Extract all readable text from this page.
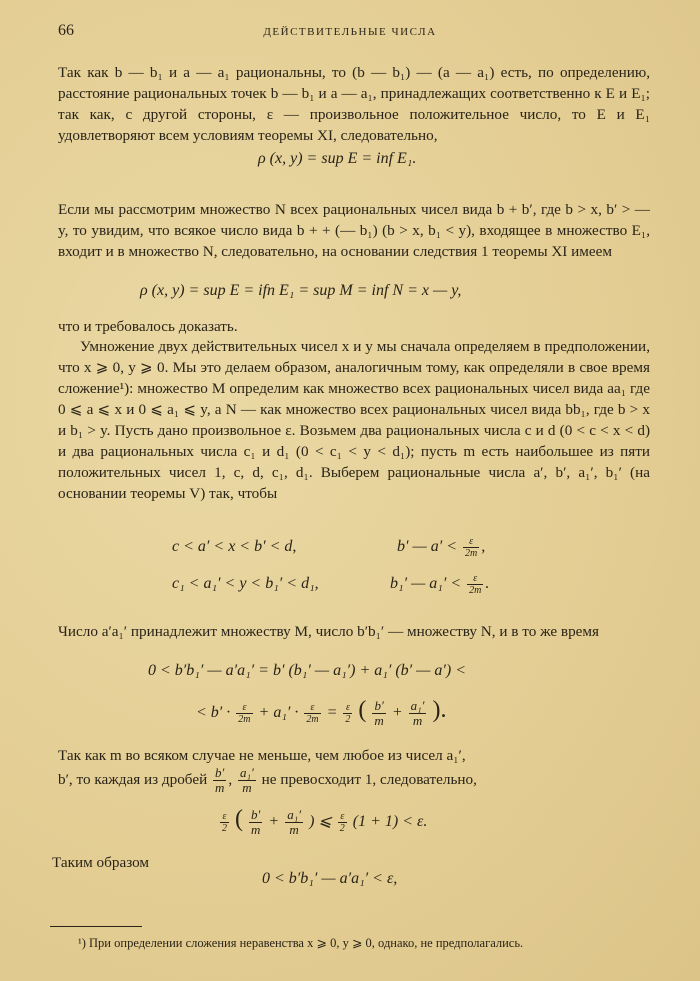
66	ДЕЙСТВИТЕЛЬНЫЕ ЧИСЛА
Так как b — b₁ и a — a₁ рациональны, то (b — b₁) — (a — a₁) есть, по определению, расстояние рациональных точек b — b₁ и a — a₁, принадлежащих соответственно к E и E₁; так как, с другой стороны, ε — произвольное положительное число, то E и E₁ удовлетворяют всем условиям теоремы XI, следовательно,
ρ (x, y) = sup E = inf E₁.
Если мы рассмотрим множество N всех рациональных чисел вида b + b′, где b > x, b′ > — y, то увидим, что всякое число вида b + + (— b₁) (b > x, b₁ < y), входящее в множество E₁, входит и в множество N, следовательно, на основании следствия 1 теоремы XI имеем
ρ (x, y) = sup E = ifn E₁ = sup M = inf N = x — y,
что и требовалось доказать.
Умножение двух действительных чисел x и y мы сначала определяем в предположении, что x ⩾ 0, y ⩾ 0. Мы это делаем образом, аналогичным тому, как определяли в свое время сложение¹): множество M определим как множество всех рациональных чисел вида aa₁ где 0 ⩽ a ⩽ x и 0 ⩽ a₁ ⩽ y, а N — как множество всех рациональных чисел вида bb₁, где b > x и b₁ > y. Пусть дано произвольное ε. Возьмем два рациональных числа c и d (0 < c < x < d) и два рациональных числа c₁ и d₁ (0 < c₁ < y < d₁); пусть m есть наибольшее из пяти положительных чисел 1, c, d, c₁, d₁. Выберем рациональные числа a′, b′, a₁′, b₁′ (на основании теоремы V) так, чтобы
c < a′ < x < b′ < d,	b′ — $a' < \frac{\varepsilon}{2m}$ ,
c₁ < a₁′ < y < b₁′ < d₁,	b₁′ — $a_1' < \frac{\varepsilon}{2m}$ .
Число a′a₁′ принадлежит множеству M, число b′b₁′ — множеству N, и в то же время
0 < b′b₁′ — a′a₁′ = b′ (b₁′ — a₁′) + a₁′ (b′ — a′) <
< $b' \cdot \frac{\varepsilon}{2m} + a_1' \cdot \frac{\varepsilon}{2m} = \frac{\varepsilon}{2}$ ( $\frac{b'}{m} + \frac{\text{a₁′}}{m}$ ).
Так как m во всяком случае не меньше, чем любое из чисел a₁′,
b′, то каждая из дробей $\frac{b'}{m}$ , $\frac{\text{a₁′}}{m}$ не превосходит 1, следовательно,
$\frac{\varepsilon}{2}$ ( $\frac{b'}{m} + \frac{\text{a₁′}}{m}$ ) ⩽ $\frac{\varepsilon}{2} (1 + 1) < \varepsilon$.
Таким образом
0 < b′b₁′ — a′a₁′ < ε,
¹) При определении сложения неравенства x ⩾ 0, y ⩾ 0, однако, не предполагались.
